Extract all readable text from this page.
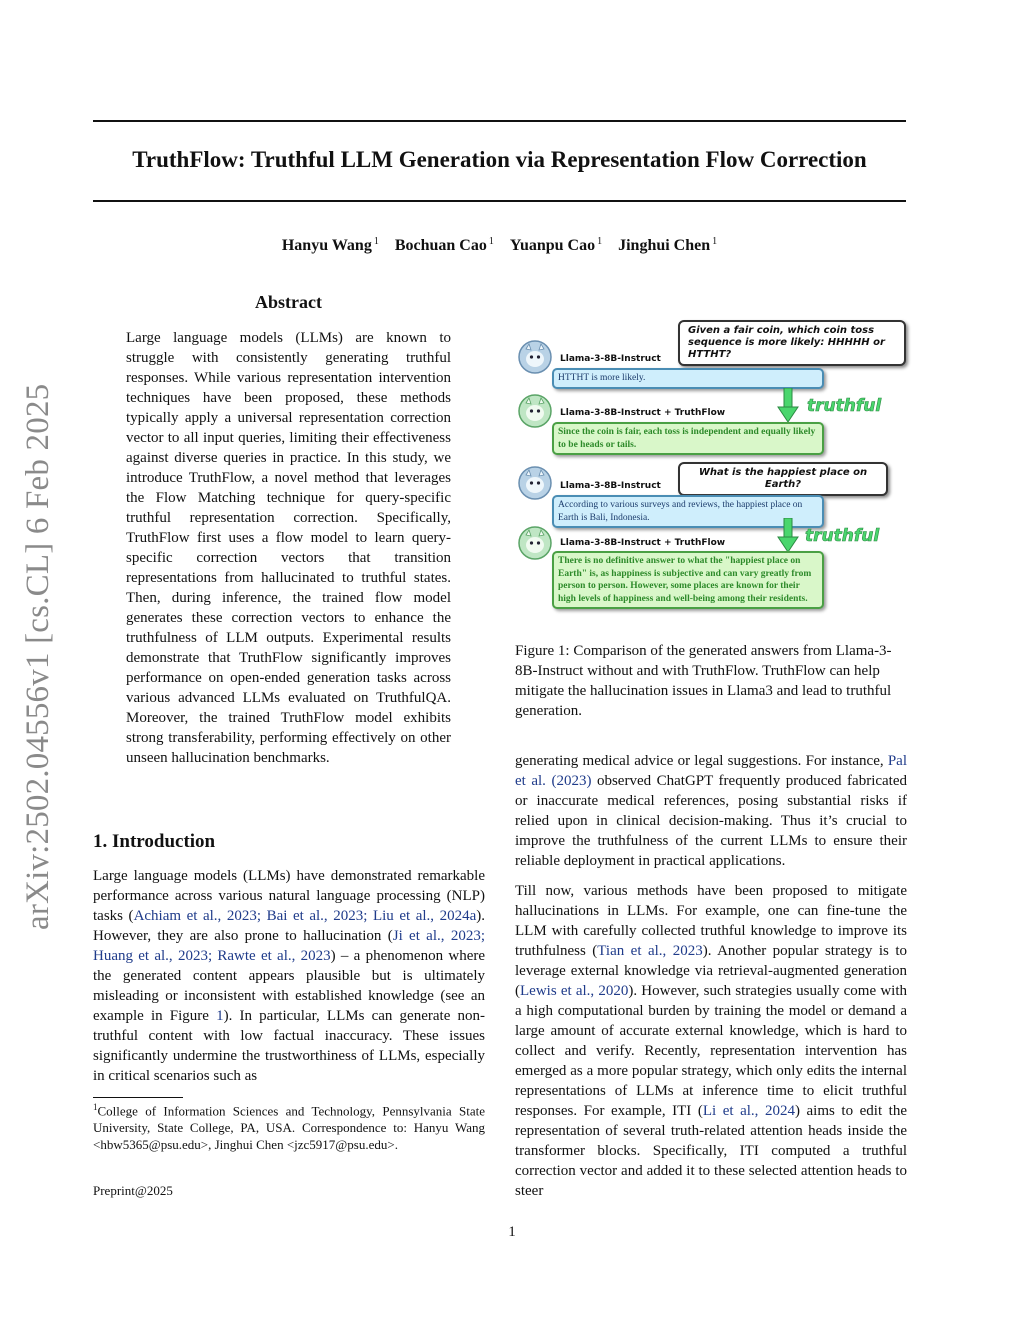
TruthFlow: Truthful LLM Generation via Representation Flow Correction
Hanyu Wang $^1$ Bochuan Cao $^1$ Yuanpu Cao $^1$ Jinghui Chen $^1$
arXiv:2502.04556v1 [cs.CL] 6 Feb 2025
Abstract
Large language models (LLMs) are known to struggle with consistently generating truthful responses. While various representation intervention techniques have been proposed, these methods typically apply a universal representation correction vector to all input queries, limiting their effectiveness against diverse queries in practice. In this study, we introduce TruthFlow, a novel method that leverages the Flow Matching technique for query-specific truthful representation correction. Specifically, TruthFlow first uses a flow model to learn query-specific correction vectors that transition representations from hallucinated to truthful states. Then, during inference, the trained flow model generates these correction vectors to enhance the truthfulness of LLM outputs. Experimental results demonstrate that TruthFlow significantly improves performance on open-ended generation tasks across various advanced LLMs evaluated on TruthfulQA. Moreover, the trained TruthFlow model exhibits strong transferability, performing effectively on other unseen hallucination benchmarks.
1. Introduction
Large language models (LLMs) have demonstrated remarkable performance across various natural language processing (NLP) tasks (Achiam et al., 2023; Bai et al., 2023; Liu et al., 2024a). However, they are also prone to hallucination (Ji et al., 2023; Huang et al., 2023; Rawte et al., 2023) – a phenomenon where the generated content appears plausible but is ultimately misleading or inconsistent with established knowledge (see an example in Figure 1). In particular, LLMs can generate non-truthful content with low factual inaccuracy. These issues significantly undermine the trustworthiness of LLMs, especially in critical scenarios such as
$^1$College of Information Sciences and Technology, Pennsylvania State University, State College, PA, USA. Correspondence to: Hanyu Wang <hbw5365@psu.edu>, Jinghui Chen <jzc5917@psu.edu>.
Preprint@2025
Given a fair coin, which coin toss sequence is more likely: HHHHH or HTTHT?
Llama-3-8B-Instruct
HTTHT is more likely.
Llama-3-8B-Instruct + TruthFlow	truthful
Since the coin is fair, each toss is independent and equally likely to be heads or tails.
What is the happiest place on Earth?
Llama-3-8B-Instruct
According to various surveys and reviews, the happiest place on Earth is Bali, Indonesia.
Llama-3-8B-Instruct + TruthFlow	truthful
There is no definitive answer to what the "happiest place on Earth" is, as happiness is subjective and can vary greatly from person to person. However, some places are known for their high levels of happiness and well-being among their residents.
Figure 1: Comparison of the generated answers from Llama-3-8B-Instruct without and with TruthFlow. TruthFlow can help mitigate the hallucination issues in Llama3 and lead to truthful generation.
generating medical advice or legal suggestions. For instance, Pal et al. (2023) observed ChatGPT frequently produced fabricated or inaccurate medical references, posing substantial risks if relied upon in clinical decision-making. Thus it’s crucial to improve the truthfulness of the current LLMs to ensure their reliable deployment in practical applications.
Till now, various methods have been proposed to mitigate hallucinations in LLMs. For example, one can fine-tune the LLM with carefully collected truthful knowledge to improve its truthfulness (Tian et al., 2023). Another popular strategy is to leverage external knowledge via retrieval-augmented generation (Lewis et al., 2020). However, such strategies usually come with a high computational burden by training the model or demand a large amount of accurate external knowledge, which is hard to collect and verify. Recently, representation intervention has emerged as a more popular strategy, which only edits the internal representations of LLMs at inference time to elicit truthful responses. For example, ITI (Li et al., 2024) aims to edit the representation of several truth-related attention heads inside the transformer blocks. Specifically, ITI computed a truthful correction vector and added it to these selected attention heads to steer
1
